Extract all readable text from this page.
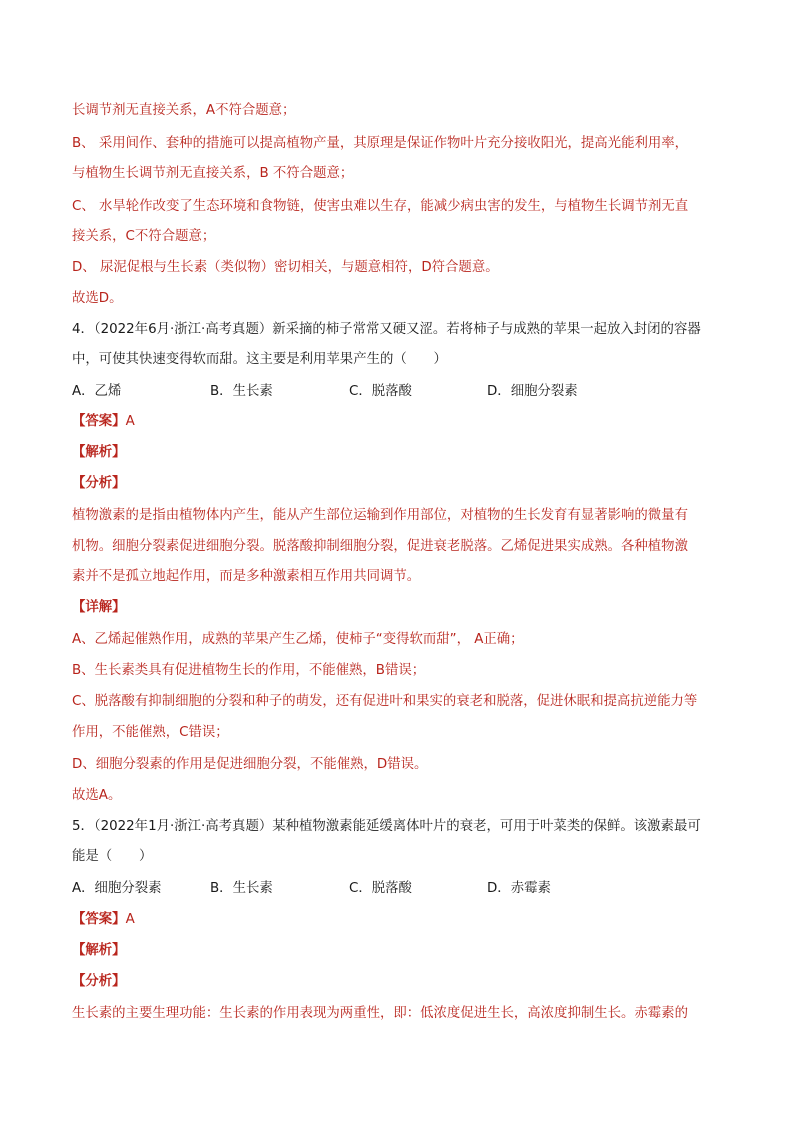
长调节剂无直接关系，A不符合题意；
B、 采用间作、套种的措施可以提高植物产量，其原理是保证作物叶片充分接收阳光，提高光能利用率，
与植物生长调节剂无直接关系，B 不符合题意；
C、 水旱轮作改变了生态环境和食物链，使害虫难以生存，能减少病虫害的发生，与植物生长调节剂无直
接关系，C不符合题意；
D、 尿泥促根与生长素（类似物）密切相关，与题意相符，D符合题意。
故选D。
4．（2022年6月·浙江·高考真题）新采摘的柿子常常又硬又涩。若将柿子与成熟的苹果一起放入封闭的容器
中，可使其快速变得软而甜。这主要是利用苹果产生的（　　）
A．乙烯	B．生长素	C．脱落酸	D．细胞分裂素
【答案】A
【解析】
【分析】
植物激素的是指由植物体内产生，能从产生部位运输到作用部位，对植物的生长发育有显著影响的微量有
机物。细胞分裂素促进细胞分裂。脱落酸抑制细胞分裂，促进衰老脱落。乙烯促进果实成熟。各种植物激
素并不是孤立地起作用，而是多种激素相互作用共同调节。
【详解】
A、乙烯起催熟作用，成熟的苹果产生乙烯，使柿子“变得软而甜”， A正确；
B、生长素类具有促进植物生长的作用，不能催熟，B错误；
C、脱落酸有抑制细胞的分裂和种子的萌发，还有促进叶和果实的衰老和脱落，促进休眠和提高抗逆能力等
作用，不能催熟，C错误；
D、细胞分裂素的作用是促进细胞分裂，不能催熟，D错误。
故选A。
5．（2022年1月·浙江·高考真题）某种植物激素能延缓离体叶片的衰老，可用于叶菜类的保鲜。该激素最可
能是（　　）
A．细胞分裂素	B．生长素	C．脱落酸	D．赤霉素
【答案】A
【解析】
【分析】
生长素的主要生理功能：生长素的作用表现为两重性，即：低浓度促进生长，高浓度抑制生长。赤霉素的
